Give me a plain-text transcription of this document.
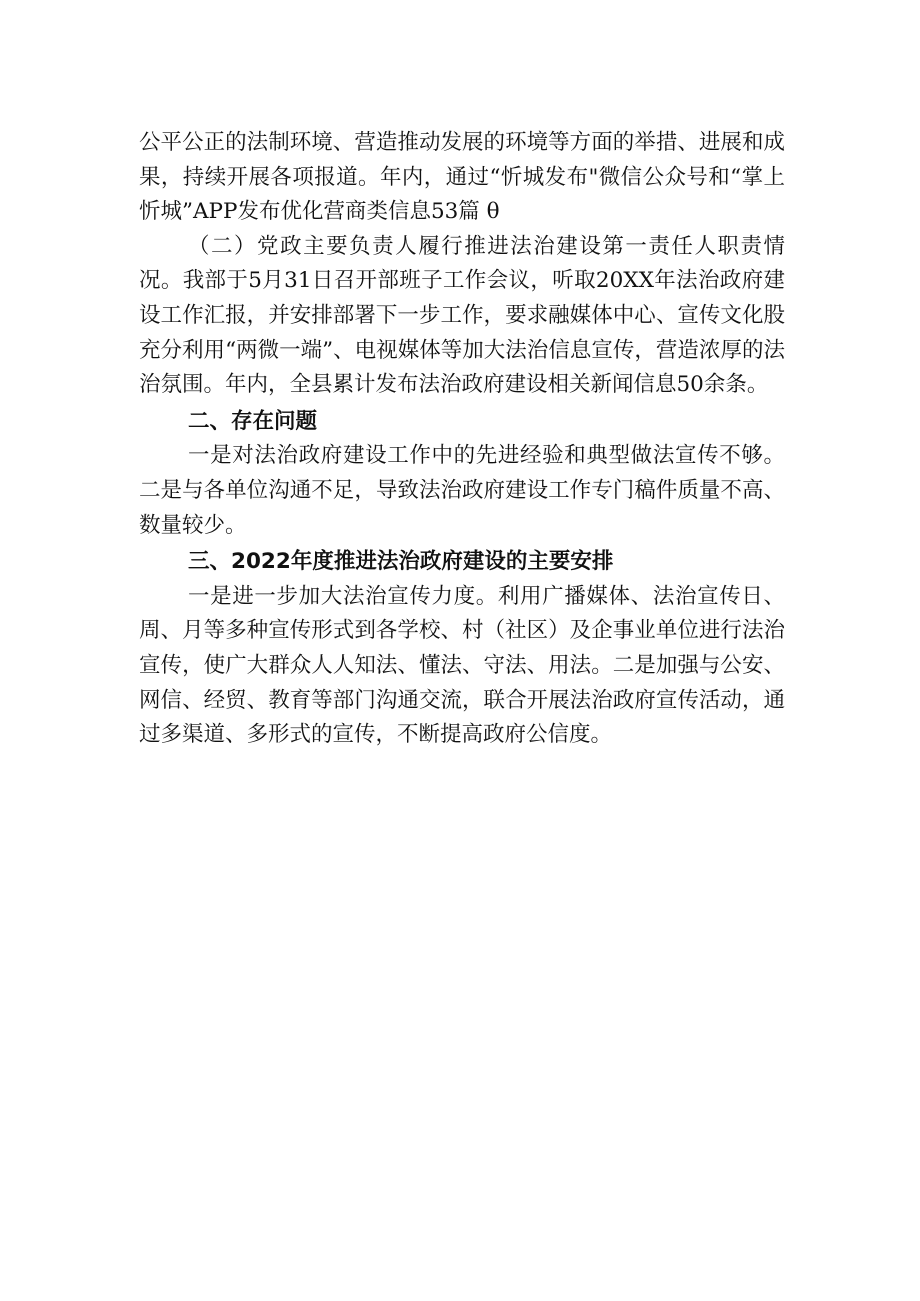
公平公正的法制环境、营造推动发展的环境等方面的举措、进展和成果，持续开展各项报道。年内，通过“忻城发布"微信公众号和“掌上忻城”APP发布优化营商类信息53篇 θ

（二）党政主要负责人履行推进法治建设第一责任人职责情况。我部于5月31日召开部班子工作会议，听取20XX年法治政府建设工作汇报，并安排部署下一步工作，要求融媒体中心、宣传文化股充分利用“两微一端”、电视媒体等加大法治信息宣传，营造浓厚的法治氛围。年内，全县累计发布法治政府建设相关新闻信息50余条。

二、存在问题

一是对法治政府建设工作中的先进经验和典型做法宣传不够。二是与各单位沟通不足，导致法治政府建设工作专门稿件质量不高、数量较少。

三、2022年度推进法治政府建设的主要安排

一是进一步加大法治宣传力度。利用广播媒体、法治宣传日、周、月等多种宣传形式到各学校、村（社区）及企事业单位进行法治宣传，使广大群众人人知法、懂法、守法、用法。二是加强与公安、网信、经贸、教育等部门沟通交流，联合开展法治政府宣传活动，通过多渠道、多形式的宣传，不断提高政府公信度。
